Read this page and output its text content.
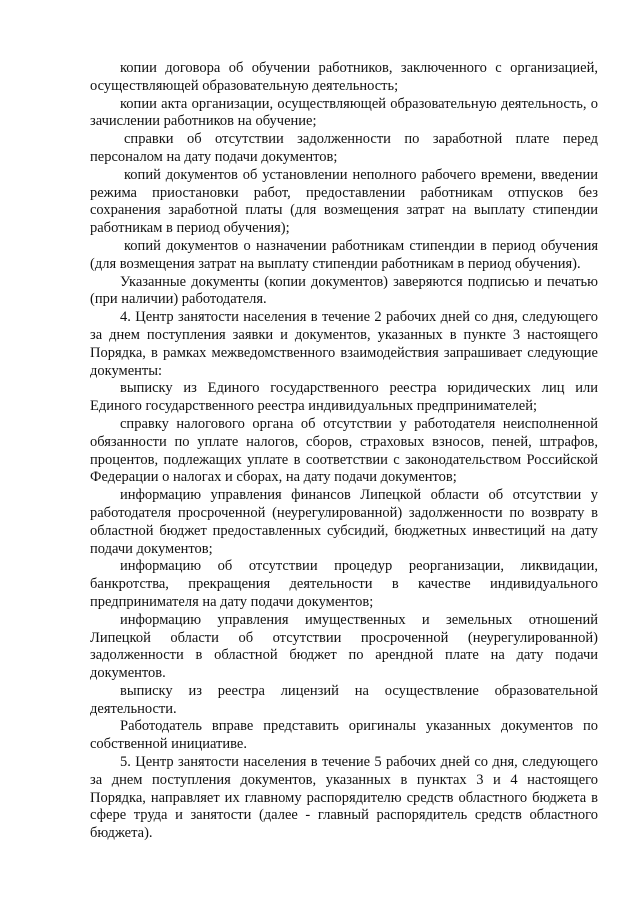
копии договора об обучении работников, заключенного с организацией, осуществляющей образовательную деятельность;

копии акта организации, осуществляющей образовательную деятельность, о зачислении работников на обучение;

справки об отсутствии задолженности по заработной плате перед персоналом на дату подачи документов;

копий документов об установлении неполного рабочего времени, введении режима приостановки работ, предоставлении работникам отпусков без сохранения заработной платы (для возмещения затрат на выплату стипендии работникам в период обучения);

копий документов о назначении работникам стипендии в период обучения (для возмещения затрат на выплату стипендии работникам в период обучения).

Указанные документы (копии документов) заверяются подписью и печатью (при наличии) работодателя.

4. Центр занятости населения в течение 2 рабочих дней со дня, следующего за днем поступления заявки и документов, указанных в пункте 3 настоящего Порядка, в рамках межведомственного взаимодействия запрашивает следующие документы:

выписку из Единого государственного реестра юридических лиц или Единого государственного реестра индивидуальных предпринимателей;

справку налогового органа об отсутствии у работодателя неисполненной обязанности по уплате налогов, сборов, страховых взносов, пеней, штрафов, процентов, подлежащих уплате в соответствии с законодательством Российской Федерации о налогах и сборах, на дату подачи документов;

информацию управления финансов Липецкой области об отсутствии у работодателя просроченной (неурегулированной) задолженности по возврату в областной бюджет предоставленных субсидий, бюджетных инвестиций на дату подачи документов;

информацию об отсутствии процедур реорганизации, ликвидации, банкротства, прекращения деятельности в качестве индивидуального предпринимателя на дату подачи документов;

информацию управления имущественных и земельных отношений Липецкой области об отсутствии просроченной (неурегулированной) задолженности в областной бюджет по арендной плате на дату подачи документов.

выписку из реестра лицензий на осуществление образовательной деятельности.

Работодатель вправе представить оригиналы указанных документов по собственной инициативе.

5. Центр занятости населения в течение 5 рабочих дней со дня, следующего за днем поступления документов, указанных в пунктах 3 и 4 настоящего Порядка, направляет их главному распорядителю средств областного бюджета в сфере труда и занятости (далее - главный распорядитель средств областного бюджета).
